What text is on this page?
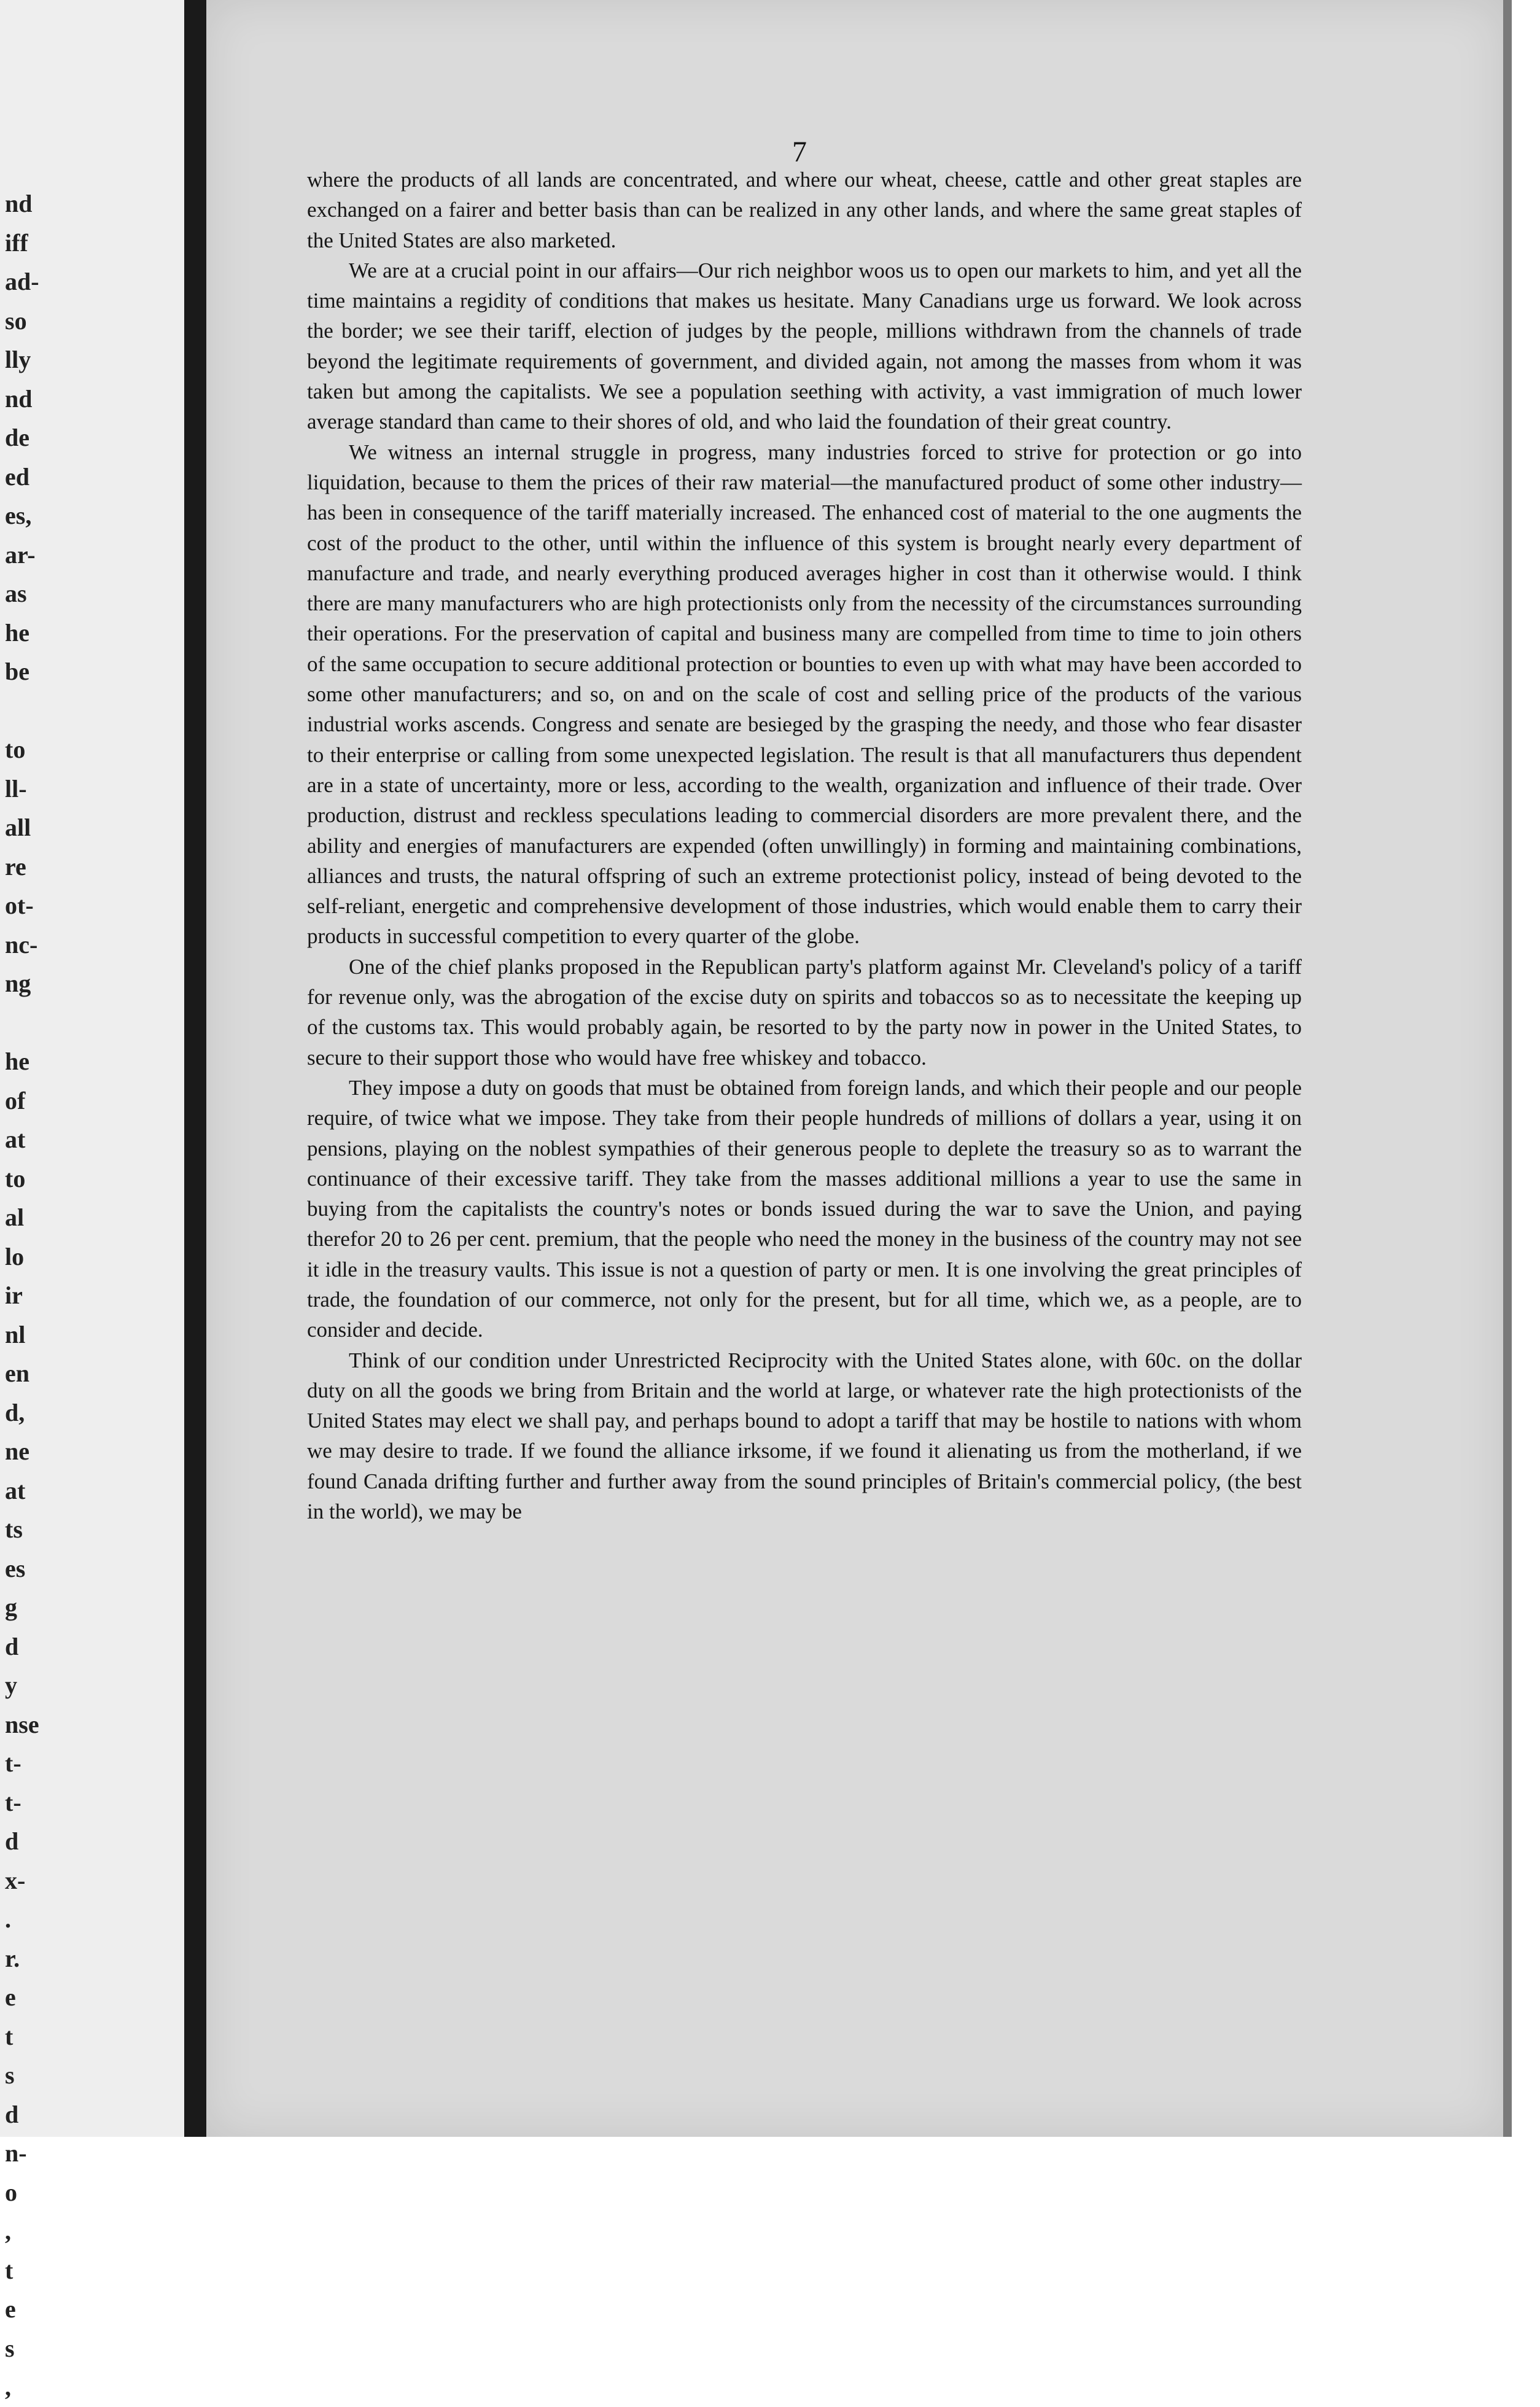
nd
iff
ad-
so
lly
nd
de
ed
es,
ar-
as
he
be

to
ll-
all
re
ot-
nc-
ng

he
of
at
to
al
lo
ir
nl
en
d,
ne
at
ts
es
g
d
y
nse
t-
t-
d
x-
.
r.
e
t
s
d
n-
o
,
t
e
s
,
7

where the products of all lands are concentrated, and where our wheat, cheese, cattle and other great staples are exchanged on a fairer and better basis than can be realized in any other lands, and where the same great staples of the United States are also marketed.

We are at a crucial point in our affairs—Our rich neighbor woos us to open our markets to him, and yet all the time maintains a regidity of conditions that makes us hesitate. Many Canadians urge us forward. We look across the border; we see their tariff, election of judges by the people, millions withdrawn from the channels of trade beyond the legitimate requirements of government, and divided again, not among the masses from whom it was taken but among the capitalists. We see a population seething with activity, a vast immigration of much lower average standard than came to their shores of old, and who laid the foundation of their great country.

We witness an internal struggle in progress, many industries forced to strive for protection or go into liquidation, because to them the prices of their raw material—the manufactured product of some other industry—has been in consequence of the tariff materially increased. The enhanced cost of material to the one augments the cost of the product to the other, until within the influence of this system is brought nearly every department of manufacture and trade, and nearly everything produced averages higher in cost than it otherwise would. I think there are many manufacturers who are high protectionists only from the necessity of the circumstances surrounding their operations. For the preservation of capital and business many are compelled from time to time to join others of the same occupation to secure additional protection or bounties to even up with what may have been accorded to some other manufacturers; and so, on and on the scale of cost and selling price of the products of the various industrial works ascends. Congress and senate are besieged by the grasping the needy, and those who fear disaster to their enterprise or calling from some unexpected legislation. The result is that all manufacturers thus dependent are in a state of uncertainty, more or less, according to the wealth, organization and influence of their trade. Over production, distrust and reckless speculations leading to commercial disorders are more prevalent there, and the ability and energies of manufacturers are expended (often unwillingly) in forming and maintaining combinations, alliances and trusts, the natural offspring of such an extreme protectionist policy, instead of being devoted to the self-reliant, energetic and comprehensive development of those industries, which would enable them to carry their products in successful competition to every quarter of the globe.

One of the chief planks proposed in the Republican party's platform against Mr. Cleveland's policy of a tariff for revenue only, was the abrogation of the excise duty on spirits and tobaccos so as to necessitate the keeping up of the customs tax. This would probably again, be resorted to by the party now in power in the United States, to secure to their support those who would have free whiskey and tobacco.

They impose a duty on goods that must be obtained from foreign lands, and which their people and our people require, of twice what we impose. They take from their people hundreds of millions of dollars a year, using it on pensions, playing on the noblest sympathies of their generous people to deplete the treasury so as to warrant the continuance of their excessive tariff. They take from the masses additional millions a year to use the same in buying from the capitalists the country's notes or bonds issued during the war to save the Union, and paying therefor 20 to 26 per cent. premium, that the people who need the money in the business of the country may not see it idle in the treasury vaults. This issue is not a question of party or men. It is one involving the great principles of trade, the foundation of our commerce, not only for the present, but for all time, which we, as a people, are to consider and decide.

Think of our condition under Unrestricted Reciprocity with the United States alone, with 60c. on the dollar duty on all the goods we bring from Britain and the world at large, or whatever rate the high protectionists of the United States may elect we shall pay, and perhaps bound to adopt a tariff that may be hostile to nations with whom we may desire to trade. If we found the alliance irksome, if we found it alienating us from the motherland, if we found Canada drifting further and further away from the sound principles of Britain's commercial policy, (the best in the world), we may be
